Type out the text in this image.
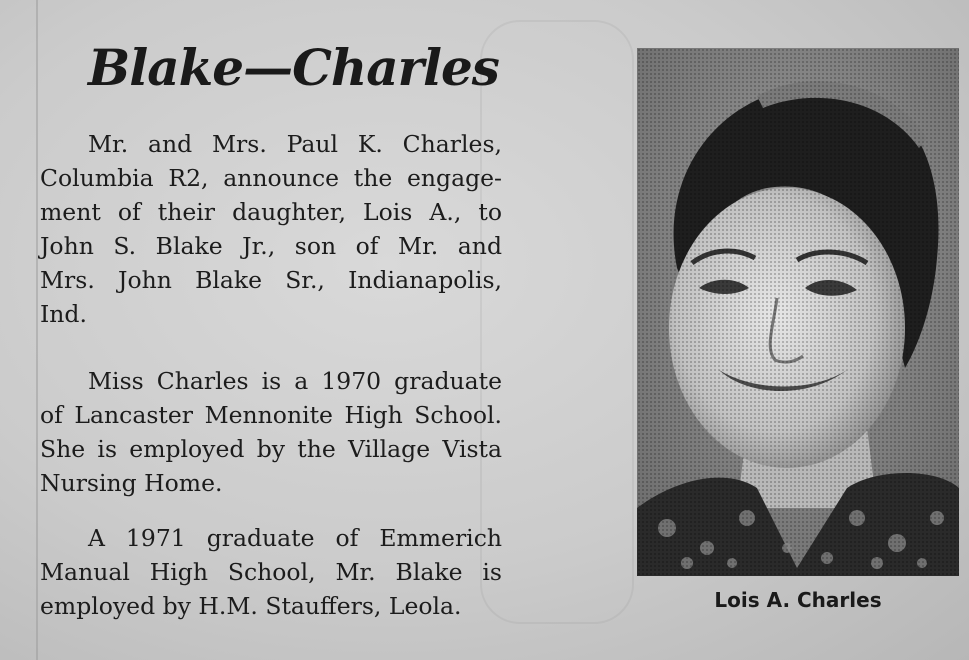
Blake—Charles
Mr. and Mrs. Paul K. Charles,
Columbia R2, announce the engage-
ment of their daughter, Lois A., to
John S. Blake Jr., son of Mr. and
Mrs. John Blake Sr., Indianapolis,
Ind.
Miss Charles is a 1970 graduate
of Lancaster Mennonite High School.
She is employed by the Village Vista
Nursing Home.
A 1971 graduate of Emmerich
Manual High School, Mr. Blake is
employed by H.M. Stauffers, Leola.	Lois A. Charles
